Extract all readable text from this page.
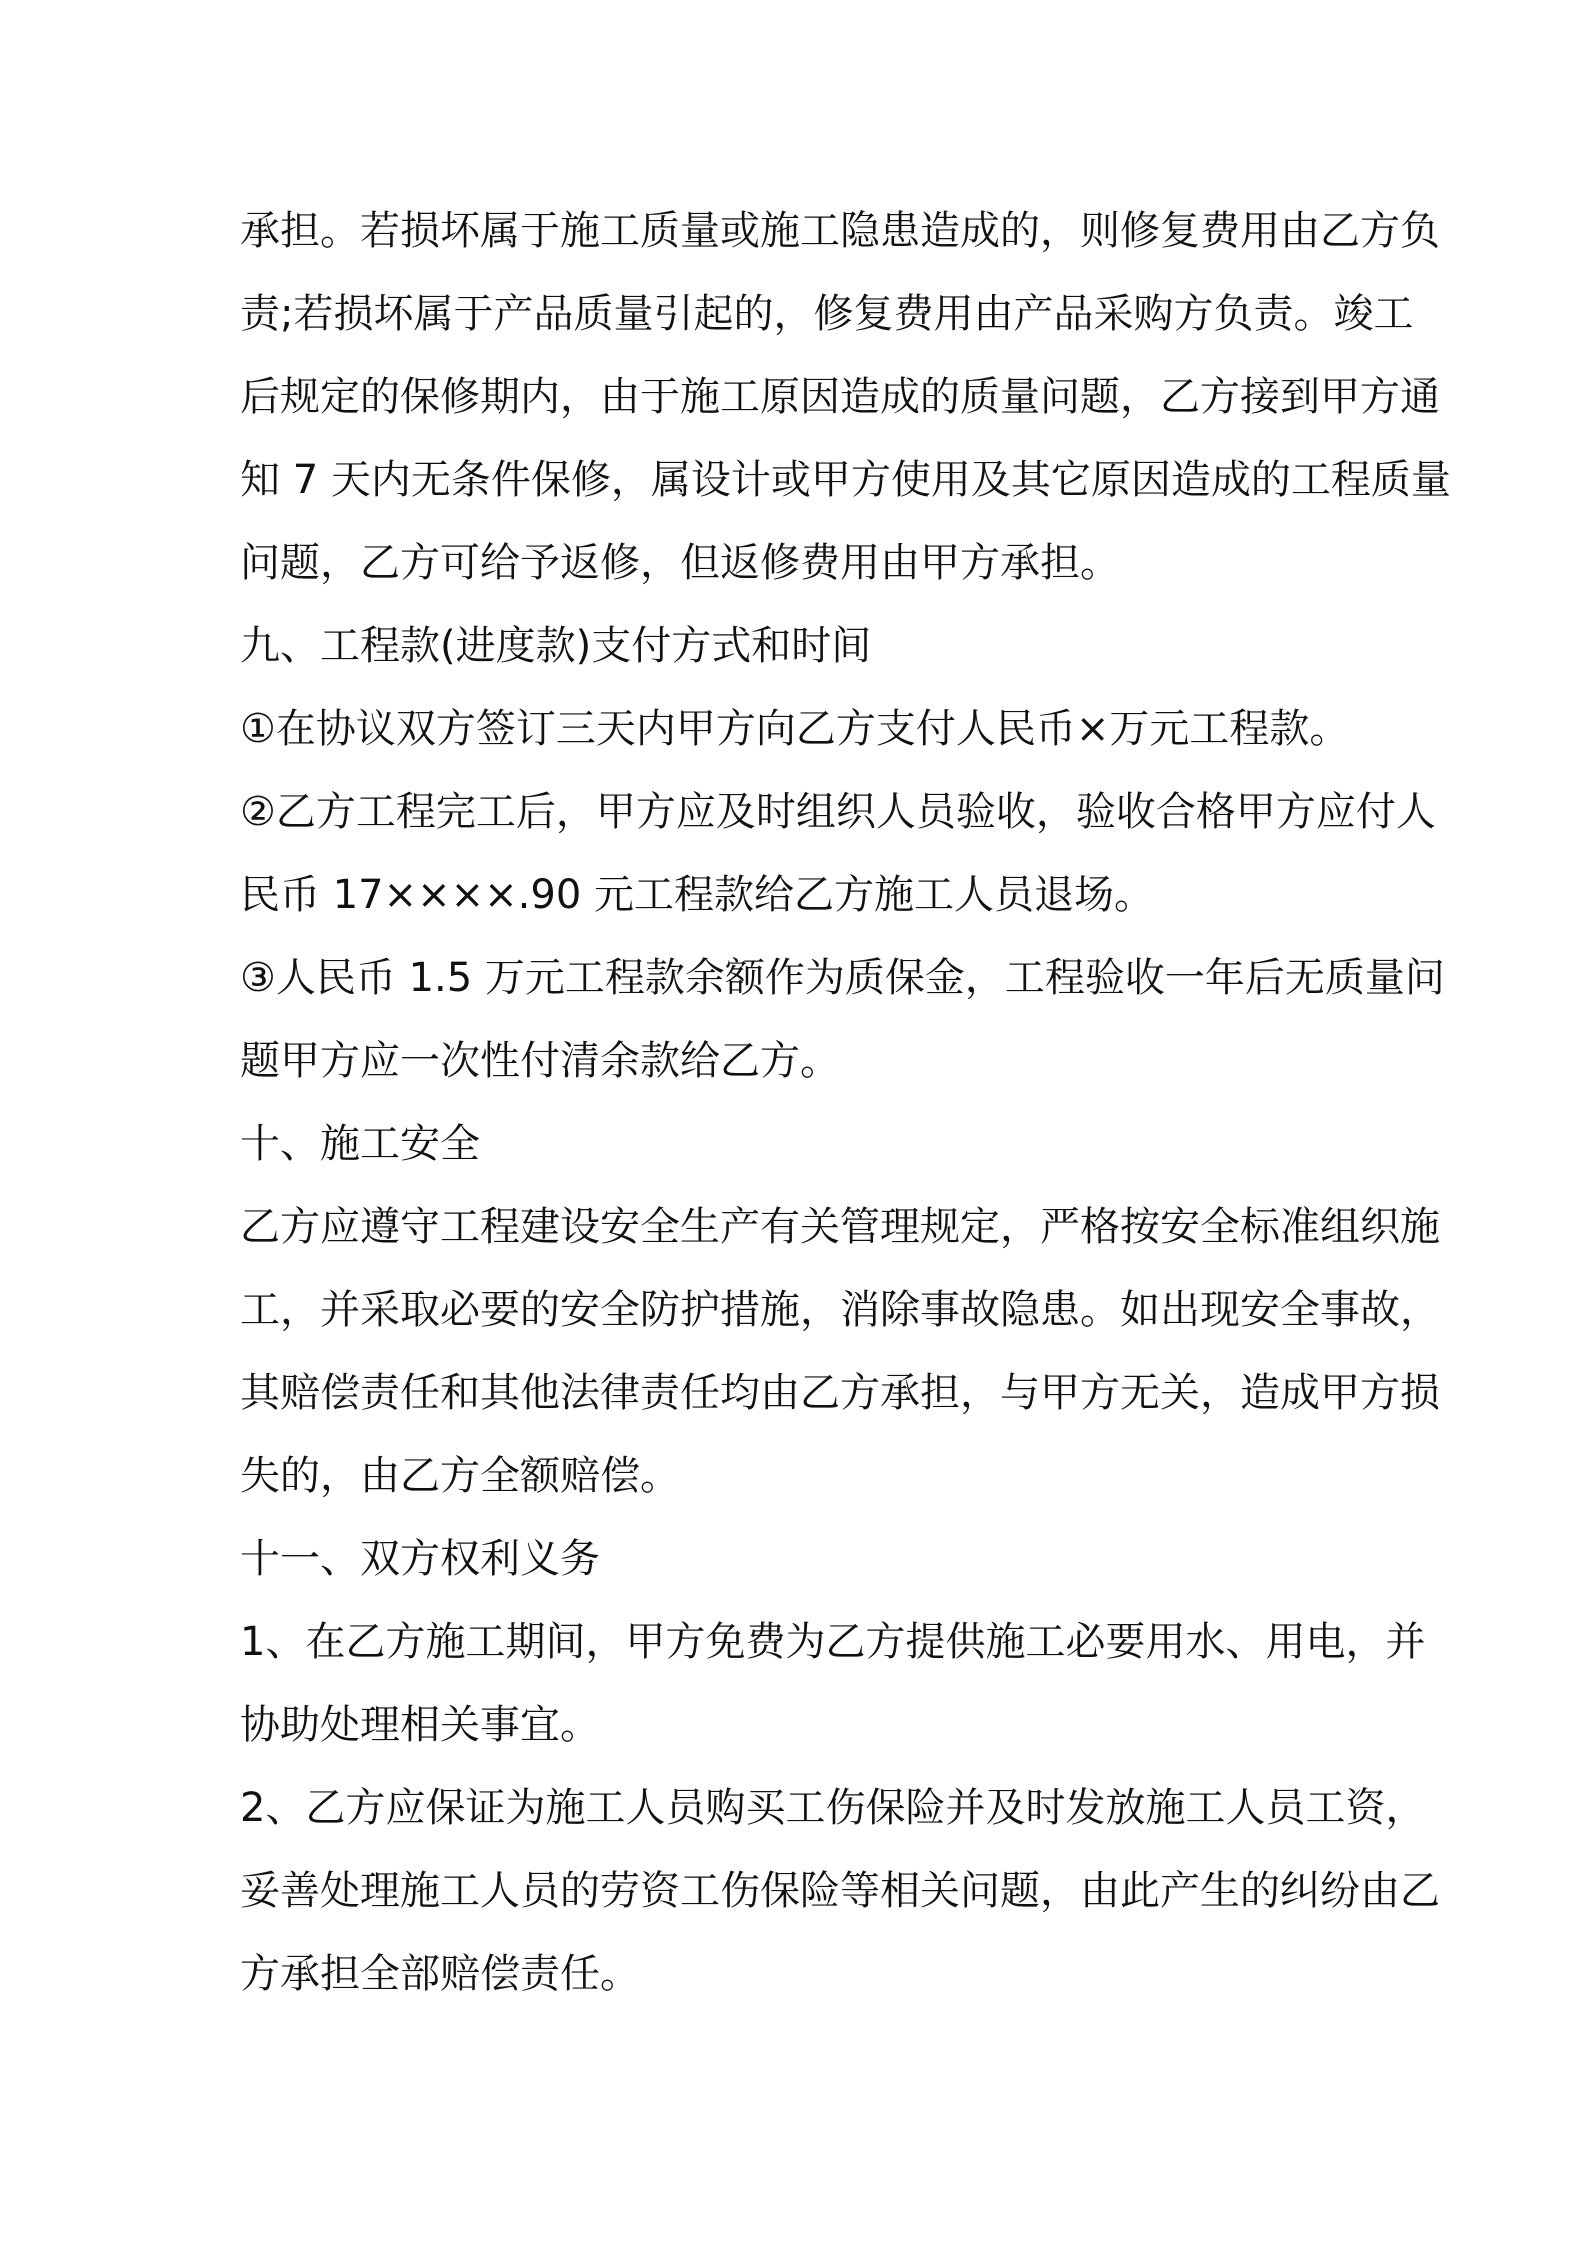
承担。若损坏属于施工质量或施工隐患造成的，则修复费用由乙方负
责;若损坏属于产品质量引起的，修复费用由产品采购方负责。竣工
后规定的保修期内，由于施工原因造成的质量问题，乙方接到甲方通
知 7 天内无条件保修，属设计或甲方使用及其它原因造成的工程质量
问题，乙方可给予返修，但返修费用由甲方承担。
九、工程款(进度款)支付方式和时间
①在协议双方签订三天内甲方向乙方支付人民币×万元工程款。
②乙方工程完工后，甲方应及时组织人员验收，验收合格甲方应付人
民币 17××××.90 元工程款给乙方施工人员退场。
③人民币 1.5 万元工程款余额作为质保金，工程验收一年后无质量问
题甲方应一次性付清余款给乙方。
十、施工安全
乙方应遵守工程建设安全生产有关管理规定，严格按安全标准组织施
工，并采取必要的安全防护措施，消除事故隐患。如出现安全事故，
其赔偿责任和其他法律责任均由乙方承担，与甲方无关，造成甲方损
失的，由乙方全额赔偿。
十一、双方权利义务
1、在乙方施工期间，甲方免费为乙方提供施工必要用水、用电，并
协助处理相关事宜。
2、乙方应保证为施工人员购买工伤保险并及时发放施工人员工资，
妥善处理施工人员的劳资工伤保险等相关问题，由此产生的纠纷由乙
方承担全部赔偿责任。
